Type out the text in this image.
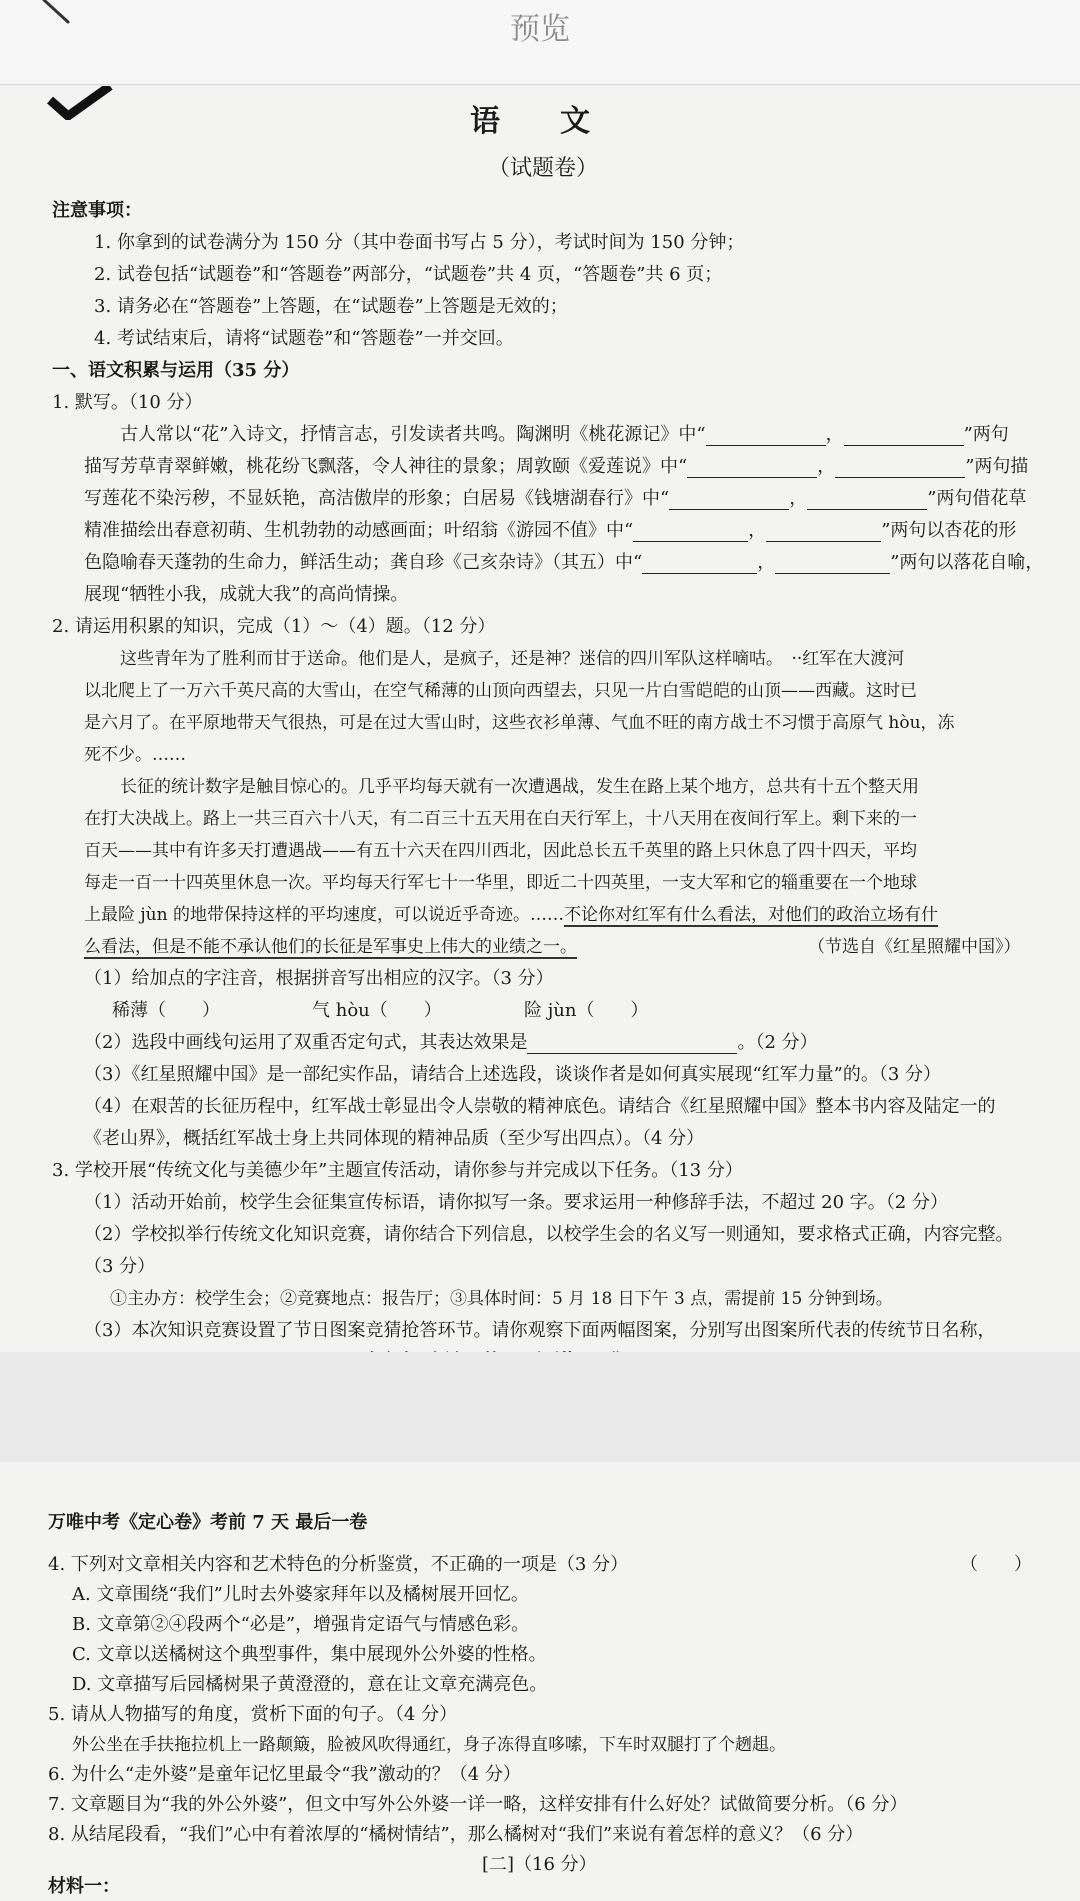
预览
语　　文
（试题卷）
注意事项：
1. 你拿到的试卷满分为 150 分（其中卷面书写占 5 分），考试时间为 150 分钟；
2. 试卷包括“试题卷”和“答题卷”两部分，“试题卷”共 4 页，“答题卷”共 6 页；
3. 请务必在“答题卷”上答题，在“试题卷”上答题是无效的；
4. 考试结束后，请将“试题卷”和“答题卷”一并交回。
一、语文积累与运用（35 分）
1. 默写。（10 分）
古人常以“花”入诗文，抒情言志，引发读者共鸣。陶渊明《桃花源记》中“	，	”两句
描写芳草青翠鲜嫩，桃花纷飞飘落，令人神往的景象；周敦颐《爱莲说》中“	，	”两句描
写莲花不染污秽，不显妖艳，高洁傲岸的形象；白居易《钱塘湖春行》中“	，	”两句借花草
精准描绘出春意初萌、生机勃勃的动感画面；叶绍翁《游园不值》中“	，	”两句以杏花的形
色隐喻春天蓬勃的生命力，鲜活生动；龚自珍《己亥杂诗》（其五）中“	，	”两句以落花自喻，
展现“牺牲小我，成就大我”的高尚情操。
2. 请运用积累的知识，完成（1）～（4）题。（12 分）
这些青年为了胜利而甘于送命。他们是人，是疯子，还是神？迷信的四川军队这样嘀咕。　··红军在大渡河
以北爬上了一万六千英尺高的大雪山，在空气稀薄的山顶向西望去，只见一片白雪皑皑的山顶——西藏。这时已
是六月了。在平原地带天气很热，可是在过大雪山时，这些衣衫单薄、气血不旺的南方战士不习惯于高原气 hòu，冻
死不少。……
长征的统计数字是触目惊心的。几乎平均每天就有一次遭遇战，发生在路上某个地方，总共有十五个整天用
在打大决战上。路上一共三百六十八天，有二百三十五天用在白天行军上，十八天用在夜间行军上。剩下来的一
百天——其中有许多天打遭遇战——有五十六天在四川西北，因此总长五千英里的路上只休息了四十四天，平均
每走一百一十四英里休息一次。平均每天行军七十一华里，即近二十四英里，一支大军和它的辎重要在一个地球
上最险 jùn 的地带保持这样的平均速度，可以说近乎奇迹。……不论你对红军有什么看法，对他们的政治立场有什
么看法，但是不能不承认他们的长征是军事史上伟大的业绩之一。	（节选自《红星照耀中国》）
（1）给加点的字注音，根据拼音写出相应的汉字。（3 分）
稀薄（　　）	气 hòu（　　）	险 jùn（　　）
（2）选段中画线句运用了双重否定句式，其表达效果是	。（2 分）
（3）《红星照耀中国》是一部纪实作品，请结合上述选段，谈谈作者是如何真实展现“红军力量”的。（3 分）
（4）在艰苦的长征历程中，红军战士彰显出令人崇敬的精神底色。请结合《红星照耀中国》整本书内容及陆定一的
《老山界》，概括红军战士身上共同体现的精神品质（至少写出四点）。（4 分）
3. 学校开展“传统文化与美德少年”主题宣传活动，请你参与并完成以下任务。（13 分）
（1）活动开始前，校学生会征集宣传标语，请你拟写一条。要求运用一种修辞手法，不超过 20 字。（2 分）
（2）学校拟举行传统文化知识竞赛，请你结合下列信息，以校学生会的名义写一则通知，要求格式正确，内容完整。
（3 分）
①主办方：校学生会；②竞赛地点：报告厅；③具体时间：5 月 18 日下午 3 点，需提前 15 分钟到场。
（3）本次知识竞赛设置了节日图案竞猜抢答环节。请你观察下面两幅图案，分别写出图案所代表的传统节日名称，
万唯中考《定心卷》考前 7 天 最后一卷
4. 下列对文章相关内容和艺术特色的分析鉴赏，不正确的一项是（3 分）	（　　）
A. 文章围绕“我们”儿时去外婆家拜年以及橘树展开回忆。
B. 文章第②④段两个“必是”，增强肯定语气与情感色彩。
C. 文章以送橘树这个典型事件，集中展现外公外婆的性格。
D. 文章描写后园橘树果子黄澄澄的，意在让文章充满亮色。
5. 请从人物描写的角度，赏析下面的句子。（4 分）
外公坐在手扶拖拉机上一路颠簸，脸被风吹得通红，身子冻得直哆嗦，下车时双腿打了个趔趄。
6. 为什么“走外婆”是童年记忆里最令“我”激动的？（4 分）
7. 文章题目为“我的外公外婆”，但文中写外公外婆一详一略，这样安排有什么好处？试做简要分析。（6 分）
8. 从结尾段看，“我们”心中有着浓厚的“橘树情结”，那么橘树对“我们”来说有着怎样的意义？（6 分）
[二]（16 分）
材料一：
